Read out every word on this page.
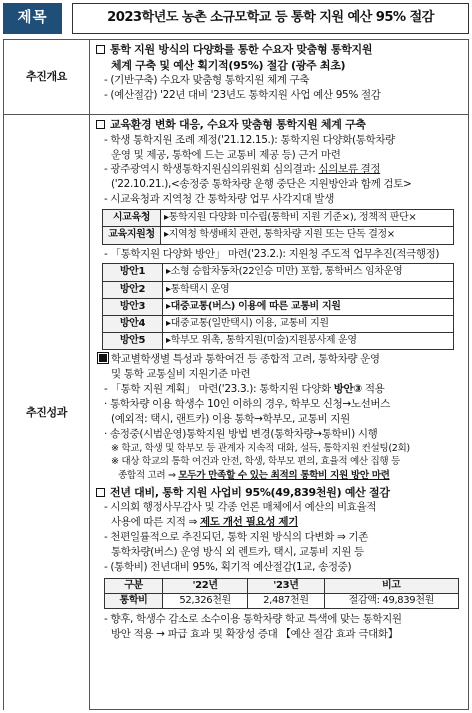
제목	2023학년도 농촌 소규모학교 등 통학 지원 예산 95% 절감
추진개요
통학 지원 방식의 다양화를 통한 수요자 맞춤형 통학지원
체계 구축 및 예산 획기적(95%) 절감 (광주 최초)
- (기반구축) 수요자 맞춤형 통학지원 체계 구축
- (예산절감) '22년 대비 '23년도 통학지원 사업 예산 95% 절감
추진성과
교육환경 변화 대응, 수요자 맞춤형 통학지원 체계 구축
- 학생 통학지원 조례 제정('21.12.15.): 통학지원 다양화(통학차량
운영 및 제공, 통학에 드는 교통비 제공 등) 근거 마련
- 광주광역시 학생통학지원심의위원회 심의결과: 심의보류 결정
('22.10.21.),<송정중 통학차량 운행 중단은 지원방안과 함께 검토>
- 시교육청과 지역청 간 통학차량 업무 사각지대 발생
시교육청	▸통학지원 다양화 미수립(통학비 지원 기준×), 정책적 판단×
교육지원청	▸지역청 학생배치 관련, 통학차량 지원 또는 단독 결정×
- 「통학지원 다양화 방안」 마련('23.2.): 지원청 주도적 업무추진(적극행정)
방안1	▸소형 승합차동차(22인승 미만) 포함, 통학버스 임차운영
방안2	▸통학택시 운영
방안3	▸대중교통(버스) 이용에 따른 교통비 지원
방안4	▸대중교통(일반택시) 이용, 교통비 지원
방안5	▸학부모 위촉, 통학지원(미술)지원봉사제 운영
학교별학생별 특성과 통학여건 등 종합적 고려, 통학차량 운영
및 통학 교통실비 지원기준 마련
- 「통학 지원 계획」 마련('23.3.): 통학지원 다양화 방안③ 적용
· 통학차량 이용 학생수 10인 이하의 경우, 학부모 신청→노선버스
(예외적: 택시, 랜트카) 이용 통학→학부모, 교통비 지원
· 송정중(시범운영)통학지원 방법 변경(통학차량→통학비) 시행
※ 학교, 학생 및 학부모 등 관계자 지속적 대화, 설득, 통학지원 컨설팅(2회)
※ 대상 학교의 통학 여건과 안전, 학생, 학부모 편의, 효율적 예산 집행 등
종합적 고려 ⇒ 모두가 만족할 수 있는 최적의 통학비 지원 방안 마련
전년 대비, 통학 지원 사업비 95%(49,839천원) 예산 절감
- 시의회 행정사무감사 및 각종 언론 매체에서 예산의 비효율적
사용에 따른 지적 ⇒ 제도 개선 필요성 제기
- 천편일률적으로 추진되던, 통학 지원 방식의 다변화 ⇒ 기존
통학차량(버스) 운영 방식 외 렌트카, 택시, 교통비 지원 등
- (통학비) 전년대비 95%, 획기적 예산절감(1교, 송정중)
구분	'22년	'23년	비고
통학비	52,326천원	2,487천원	절감액: 49,839천원
- 향후, 학생수 감소로 소수이용 통학차량 학교 특색에 맞는 통학지원
방안 적용 → 파급 효과 및 확장성 증대 【예산 절감 효과 극대화】
